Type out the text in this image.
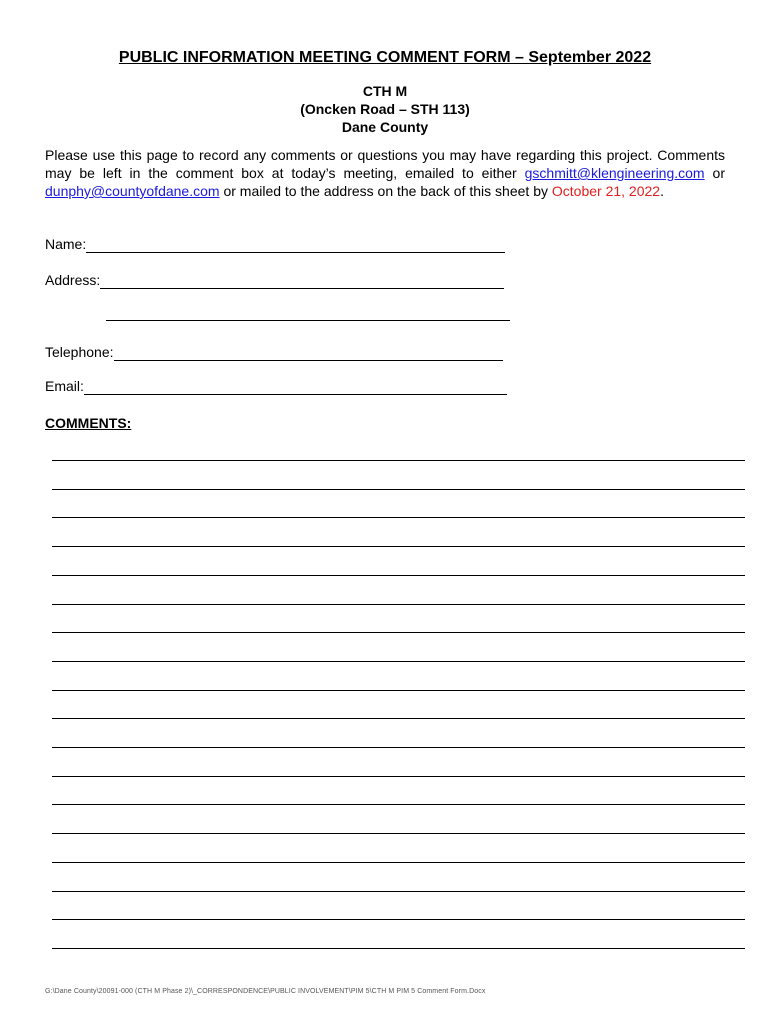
PUBLIC INFORMATION MEETING COMMENT FORM – September 2022
CTH M
(Oncken Road – STH 113)
Dane County
Please use this page to record any comments or questions you may have regarding this project. Comments may be left in the comment box at today’s meeting, emailed to either gschmitt@klengineering.com or dunphy@countyofdane.com or mailed to the address on the back of this sheet by October 21, 2022.
Name:
Address:
Telephone:
Email:
COMMENTS:
G:\Dane County\20091-000 (CTH M Phase 2)\_CORRESPONDENCE\PUBLIC INVOLVEMENT\PIM 5\CTH M PIM 5 Comment Form.Docx
